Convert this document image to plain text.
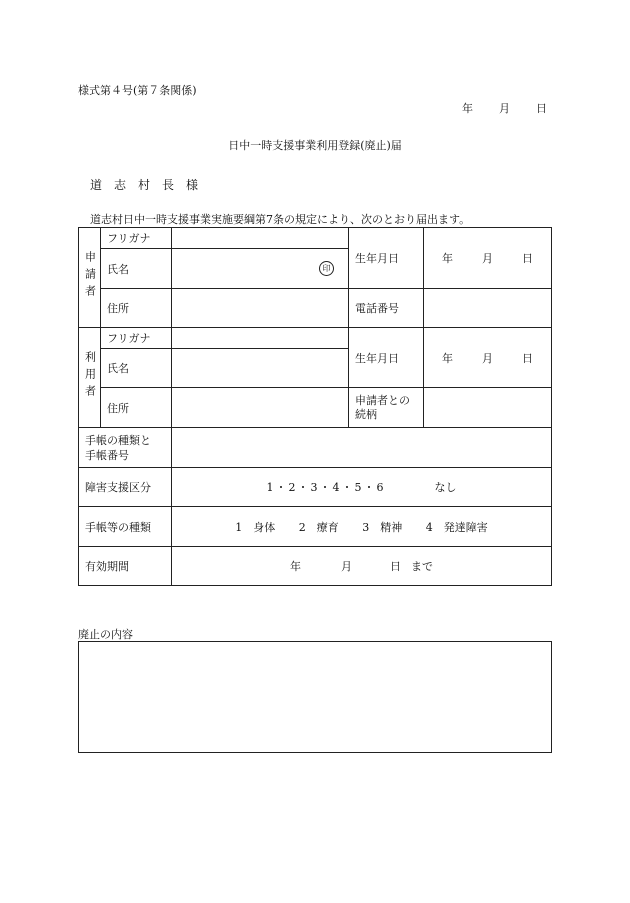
様式第４号(第７条関係)
年 月 日
日中一時支援事業利用登録(廃止)届
道　志　村　長　様
道志村日中一時支援事業実施要綱第7条の規定により、次のとおり届出ます。
申請者	フリガナ		生年月日	年 月 日
	氏名	印		

	住所		電話番号	
利用者	フリガナ		生年月日	年 月 日
	氏名			
	住所		申請者との
続柄	
手帳の種類と
手帳番号				
障害支援区分		1・2・3・4・5・6 なし		
手帳等の種類		1　身体 2　療育 3　精神 4　発達障害		
有効期間		年 月 日 まで		
廃止の内容
